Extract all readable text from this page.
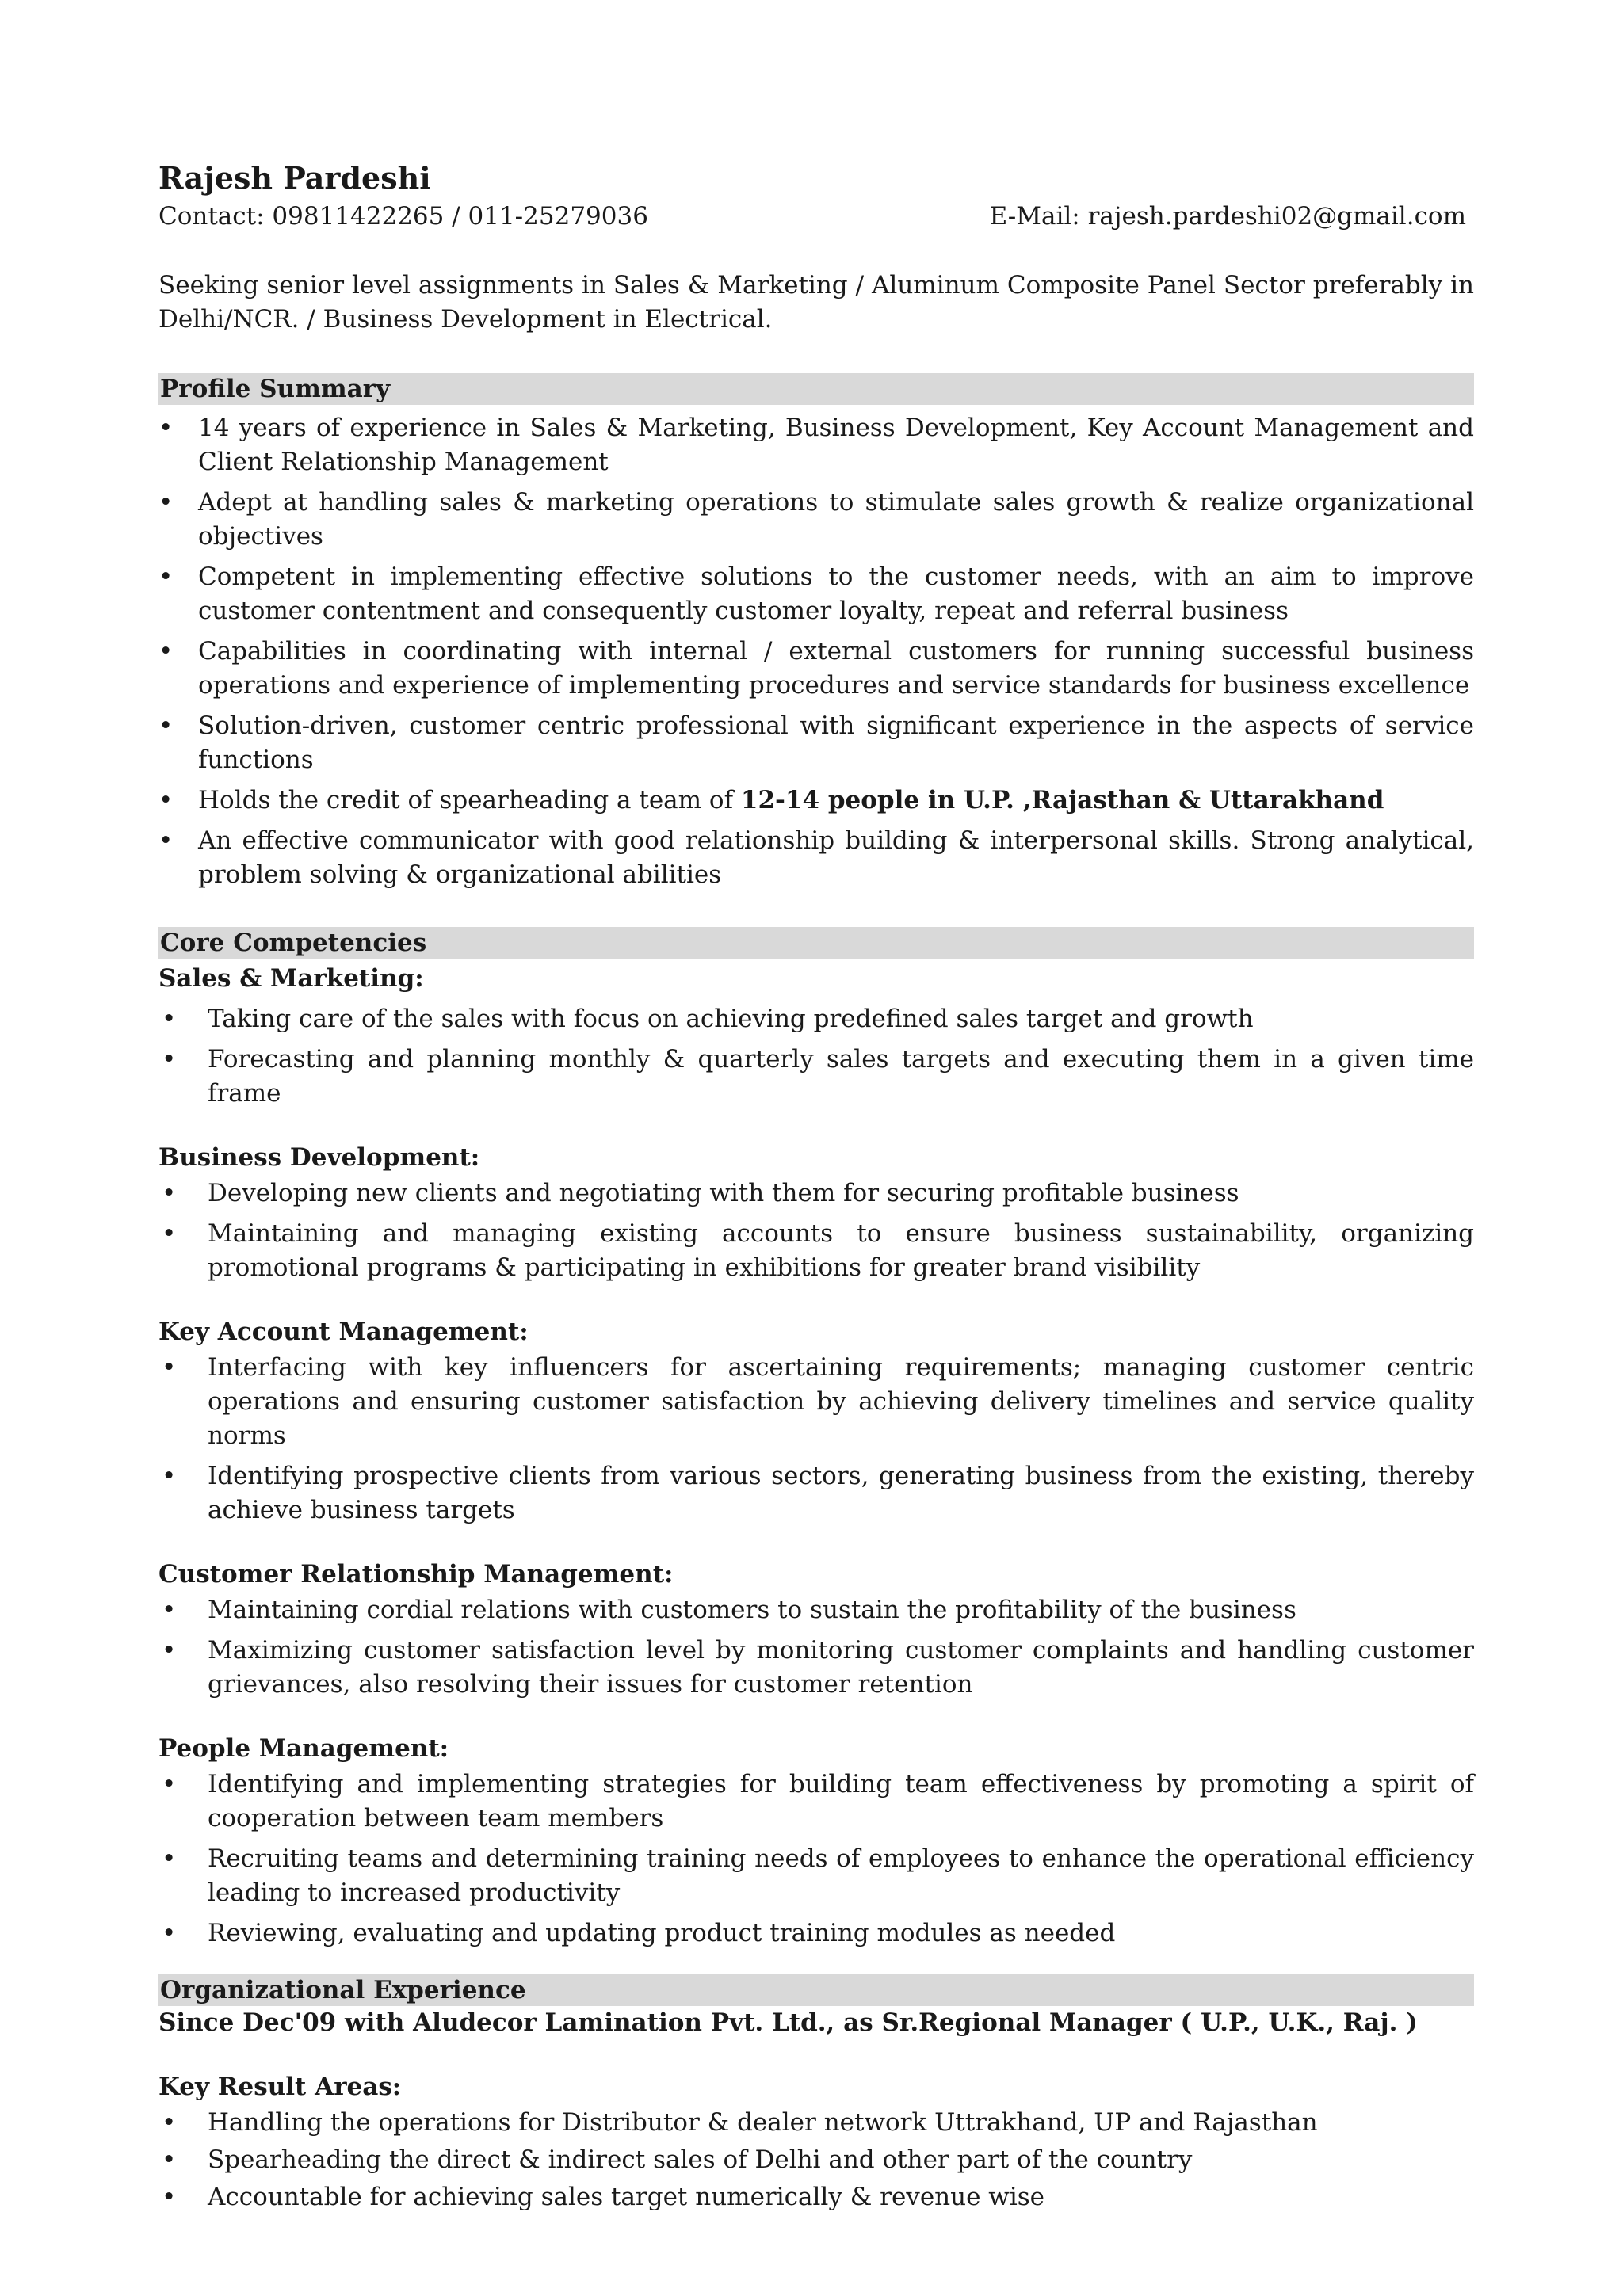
Rajesh Pardeshi
Contact: 09811422265 / 011-25279036	E-Mail: rajesh.pardeshi02@gmail.com
Seeking senior level assignments in Sales & Marketing / Aluminum Composite Panel Sector preferably in Delhi/NCR. / Business Development in Electrical.
Profile Summary
• 14 years of experience in Sales & Marketing, Business Development, Key Account Management and Client Relationship Management
• Adept at handling sales & marketing operations to stimulate sales growth & realize organizational objectives
• Competent in implementing effective solutions to the customer needs, with an aim to improve customer contentment and consequently customer loyalty, repeat and referral business
• Capabilities in coordinating with internal / external customers for running successful business operations and experience of implementing procedures and service standards for business excellence
• Solution-driven, customer centric professional with significant experience in the aspects of service functions
• Holds the credit of spearheading a team of 12-14 people in U.P. ,Rajasthan & Uttarakhand
• An effective communicator with good relationship building & interpersonal skills. Strong analytical, problem solving & organizational abilities
Core Competencies
Sales & Marketing:
• Taking care of the sales with focus on achieving predefined sales target and growth
• Forecasting and planning monthly & quarterly sales targets and executing them in a given time frame
Business Development:
• Developing new clients and negotiating with them for securing profitable business
• Maintaining and managing existing accounts to ensure business sustainability, organizing promotional programs & participating in exhibitions for greater brand visibility
Key Account Management:
• Interfacing with key influencers for ascertaining requirements; managing customer centric operations and ensuring customer satisfaction by achieving delivery timelines and service quality norms
• Identifying prospective clients from various sectors, generating business from the existing, thereby achieve business targets
Customer Relationship Management:
• Maintaining cordial relations with customers to sustain the profitability of the business
• Maximizing customer satisfaction level by monitoring customer complaints and handling customer grievances, also resolving their issues for customer retention
People Management:
• Identifying and implementing strategies for building team effectiveness by promoting a spirit of cooperation between team members
• Recruiting teams and determining training needs of employees to enhance the operational efficiency leading to increased productivity
• Reviewing, evaluating and updating product training modules as needed
Organizational Experience
Since Dec'09 with Aludecor Lamination Pvt. Ltd., as Sr.Regional Manager ( U.P., U.K., Raj. )
Key Result Areas:
• Handling the operations for Distributor & dealer network Uttrakhand, UP and Rajasthan
• Spearheading the direct & indirect sales of Delhi and other part of the country
• Accountable for achieving sales target numerically & revenue wise
